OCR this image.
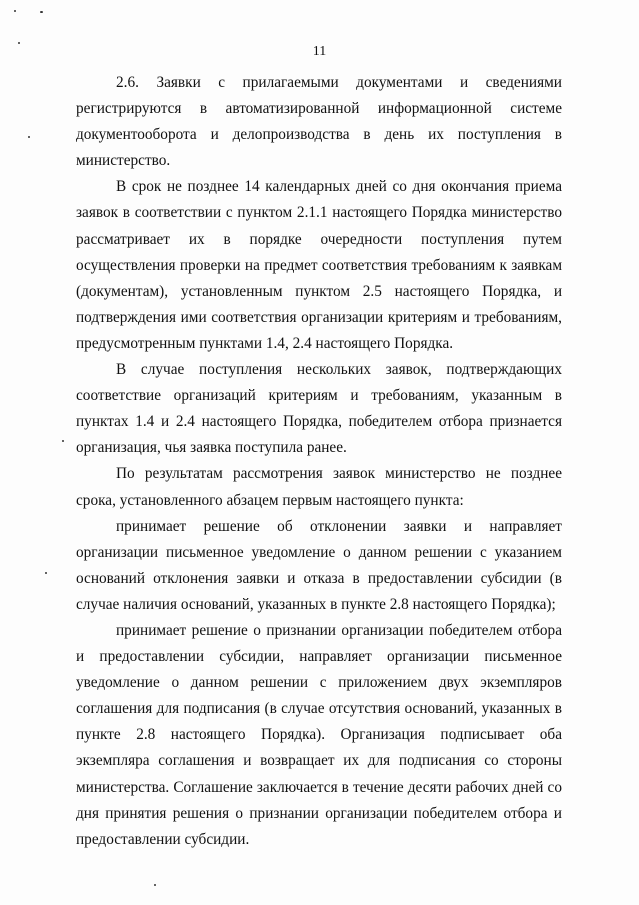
11

2.6. Заявки с прилагаемыми документами и сведениями регистрируются в автоматизированной информационной системе документооборота и делопроизводства в день их поступления в министерство.

В срок не позднее 14 календарных дней со дня окончания приема заявок в соответствии с пунктом 2.1.1 настоящего Порядка министерство рассматривает их в порядке очередности поступления путем осуществления проверки на предмет соответствия требованиям к заявкам (документам), установленным пунктом 2.5 настоящего Порядка, и подтверждения ими соответствия организации критериям и требованиям, предусмотренным пунктами 1.4, 2.4 настоящего Порядка.

В случае поступления нескольких заявок, подтверждающих соответствие организаций критериям и требованиям, указанным в пунктах 1.4 и 2.4 настоящего Порядка, победителем отбора признается организация, чья заявка поступила ранее.

По результатам рассмотрения заявок министерство не позднее срока, установленного абзацем первым настоящего пункта:

принимает решение об отклонении заявки и направляет организации письменное уведомление о данном решении с указанием оснований отклонения заявки и отказа в предоставлении субсидии (в случае наличия оснований, указанных в пункте 2.8 настоящего Порядка);

принимает решение о признании организации победителем отбора и предоставлении субсидии, направляет организации письменное уведомление о данном решении с приложением двух экземпляров соглашения для подписания (в случае отсутствия оснований, указанных в пункте 2.8 настоящего Порядка). Организация подписывает оба экземпляра соглашения и возвращает их для подписания со стороны министерства. Соглашение заключается в течение десяти рабочих дней со дня принятия решения о признании организации победителем отбора и предоставлении субсидии.
